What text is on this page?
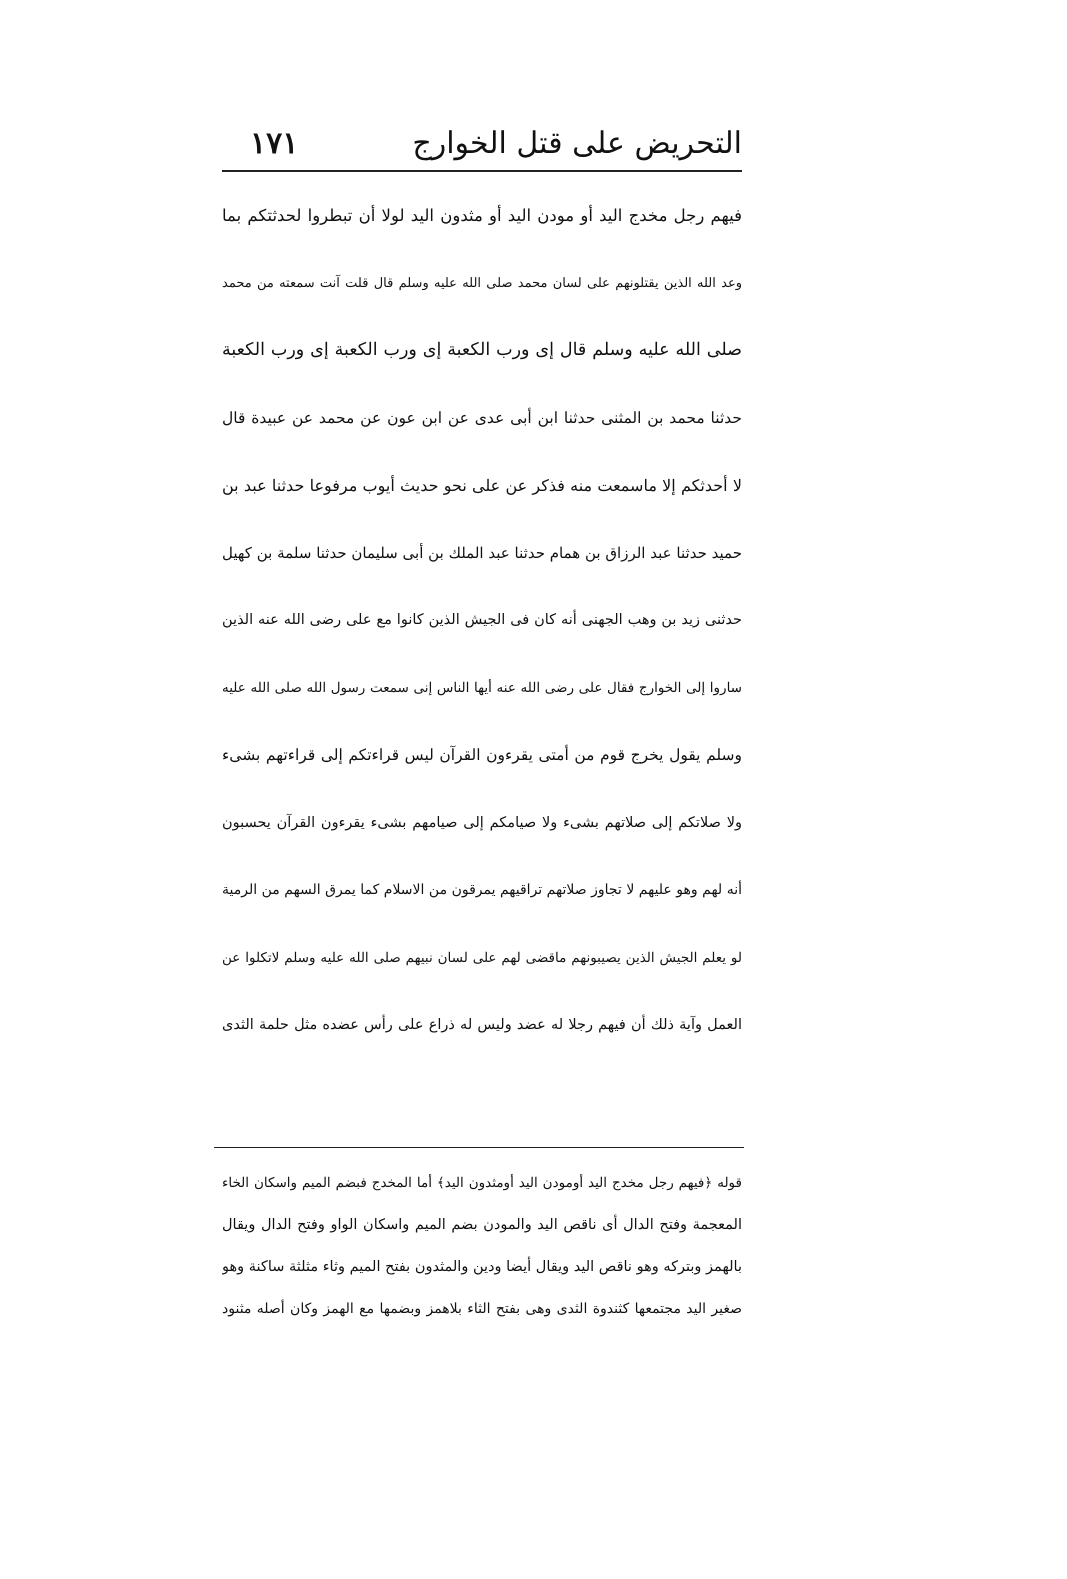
التحريض على قتل الخوارج
١٧١
فيهم رجل مخدج اليد أو مودن اليد أو مثدون اليد لولا أن تبطروا لحدثتكم بما
وعد الله الذين يقتلونهم على لسان محمد صلى الله عليه وسلم قال قلت آنت سمعته من محمد
صلى الله عليه وسلم قال إى ورب الكعبة إى ورب الكعبة إى ورب الكعبة
حدثنا محمد بن المثنى حدثنا ابن أبى عدى عن ابن عون عن محمد عن عبيدة قال
لا أحدثكم إلا ماسمعت منه فذكر عن على نحو حديث أيوب مرفوعا حدثنا عبد بن
حميد حدثنا عبد الرزاق بن همام حدثنا عبد الملك بن أبى سليمان حدثنا سلمة بن كهيل
حدثنى زيد بن وهب الجهنى أنه كان فى الجيش الذين كانوا مع على رضى الله عنه الذين
ساروا إلى الخوارج فقال على رضى الله عنه أيها الناس إنى سمعت رسول الله صلى الله عليه
وسلم يقول يخرج قوم من أمتى يقرءون القرآن ليس قراءتكم إلى قراءتهم بشىء
ولا صلاتكم إلى صلاتهم بشىء ولا صيامكم إلى صيامهم بشىء يقرءون القرآن يحسبون
أنه لهم وهو عليهم لا تجاوز صلاتهم تراقيهم يمرقون من الاسلام كما يمرق السهم من الرمية
لو يعلم الجيش الذين يصيبونهم ماقضى لهم على لسان نبيهم صلى الله عليه وسلم لاتكلوا عن
العمل وآية ذلك أن فيهم رجلا له عضد وليس له ذراع على رأس عضده مثل حلمة الثدى
قوله ﴿فيهم رجل مخدج اليد أومودن اليد أومثدون اليد﴾ أما المخدج فبضم الميم واسكان الخاء
المعجمة وفتح الدال أى ناقص اليد والمودن بضم الميم واسكان الواو وفتح الدال ويقال
بالهمز وبتركه وهو ناقص اليد ويقال أيضا ودين والمثدون بفتح الميم وثاء مثلثة ساكنة وهو
صغير اليد مجتمعها كثندوة الثدى وهى بفتح الثاء بلاهمز وبضمها مع الهمز وكان أصله مثنود
